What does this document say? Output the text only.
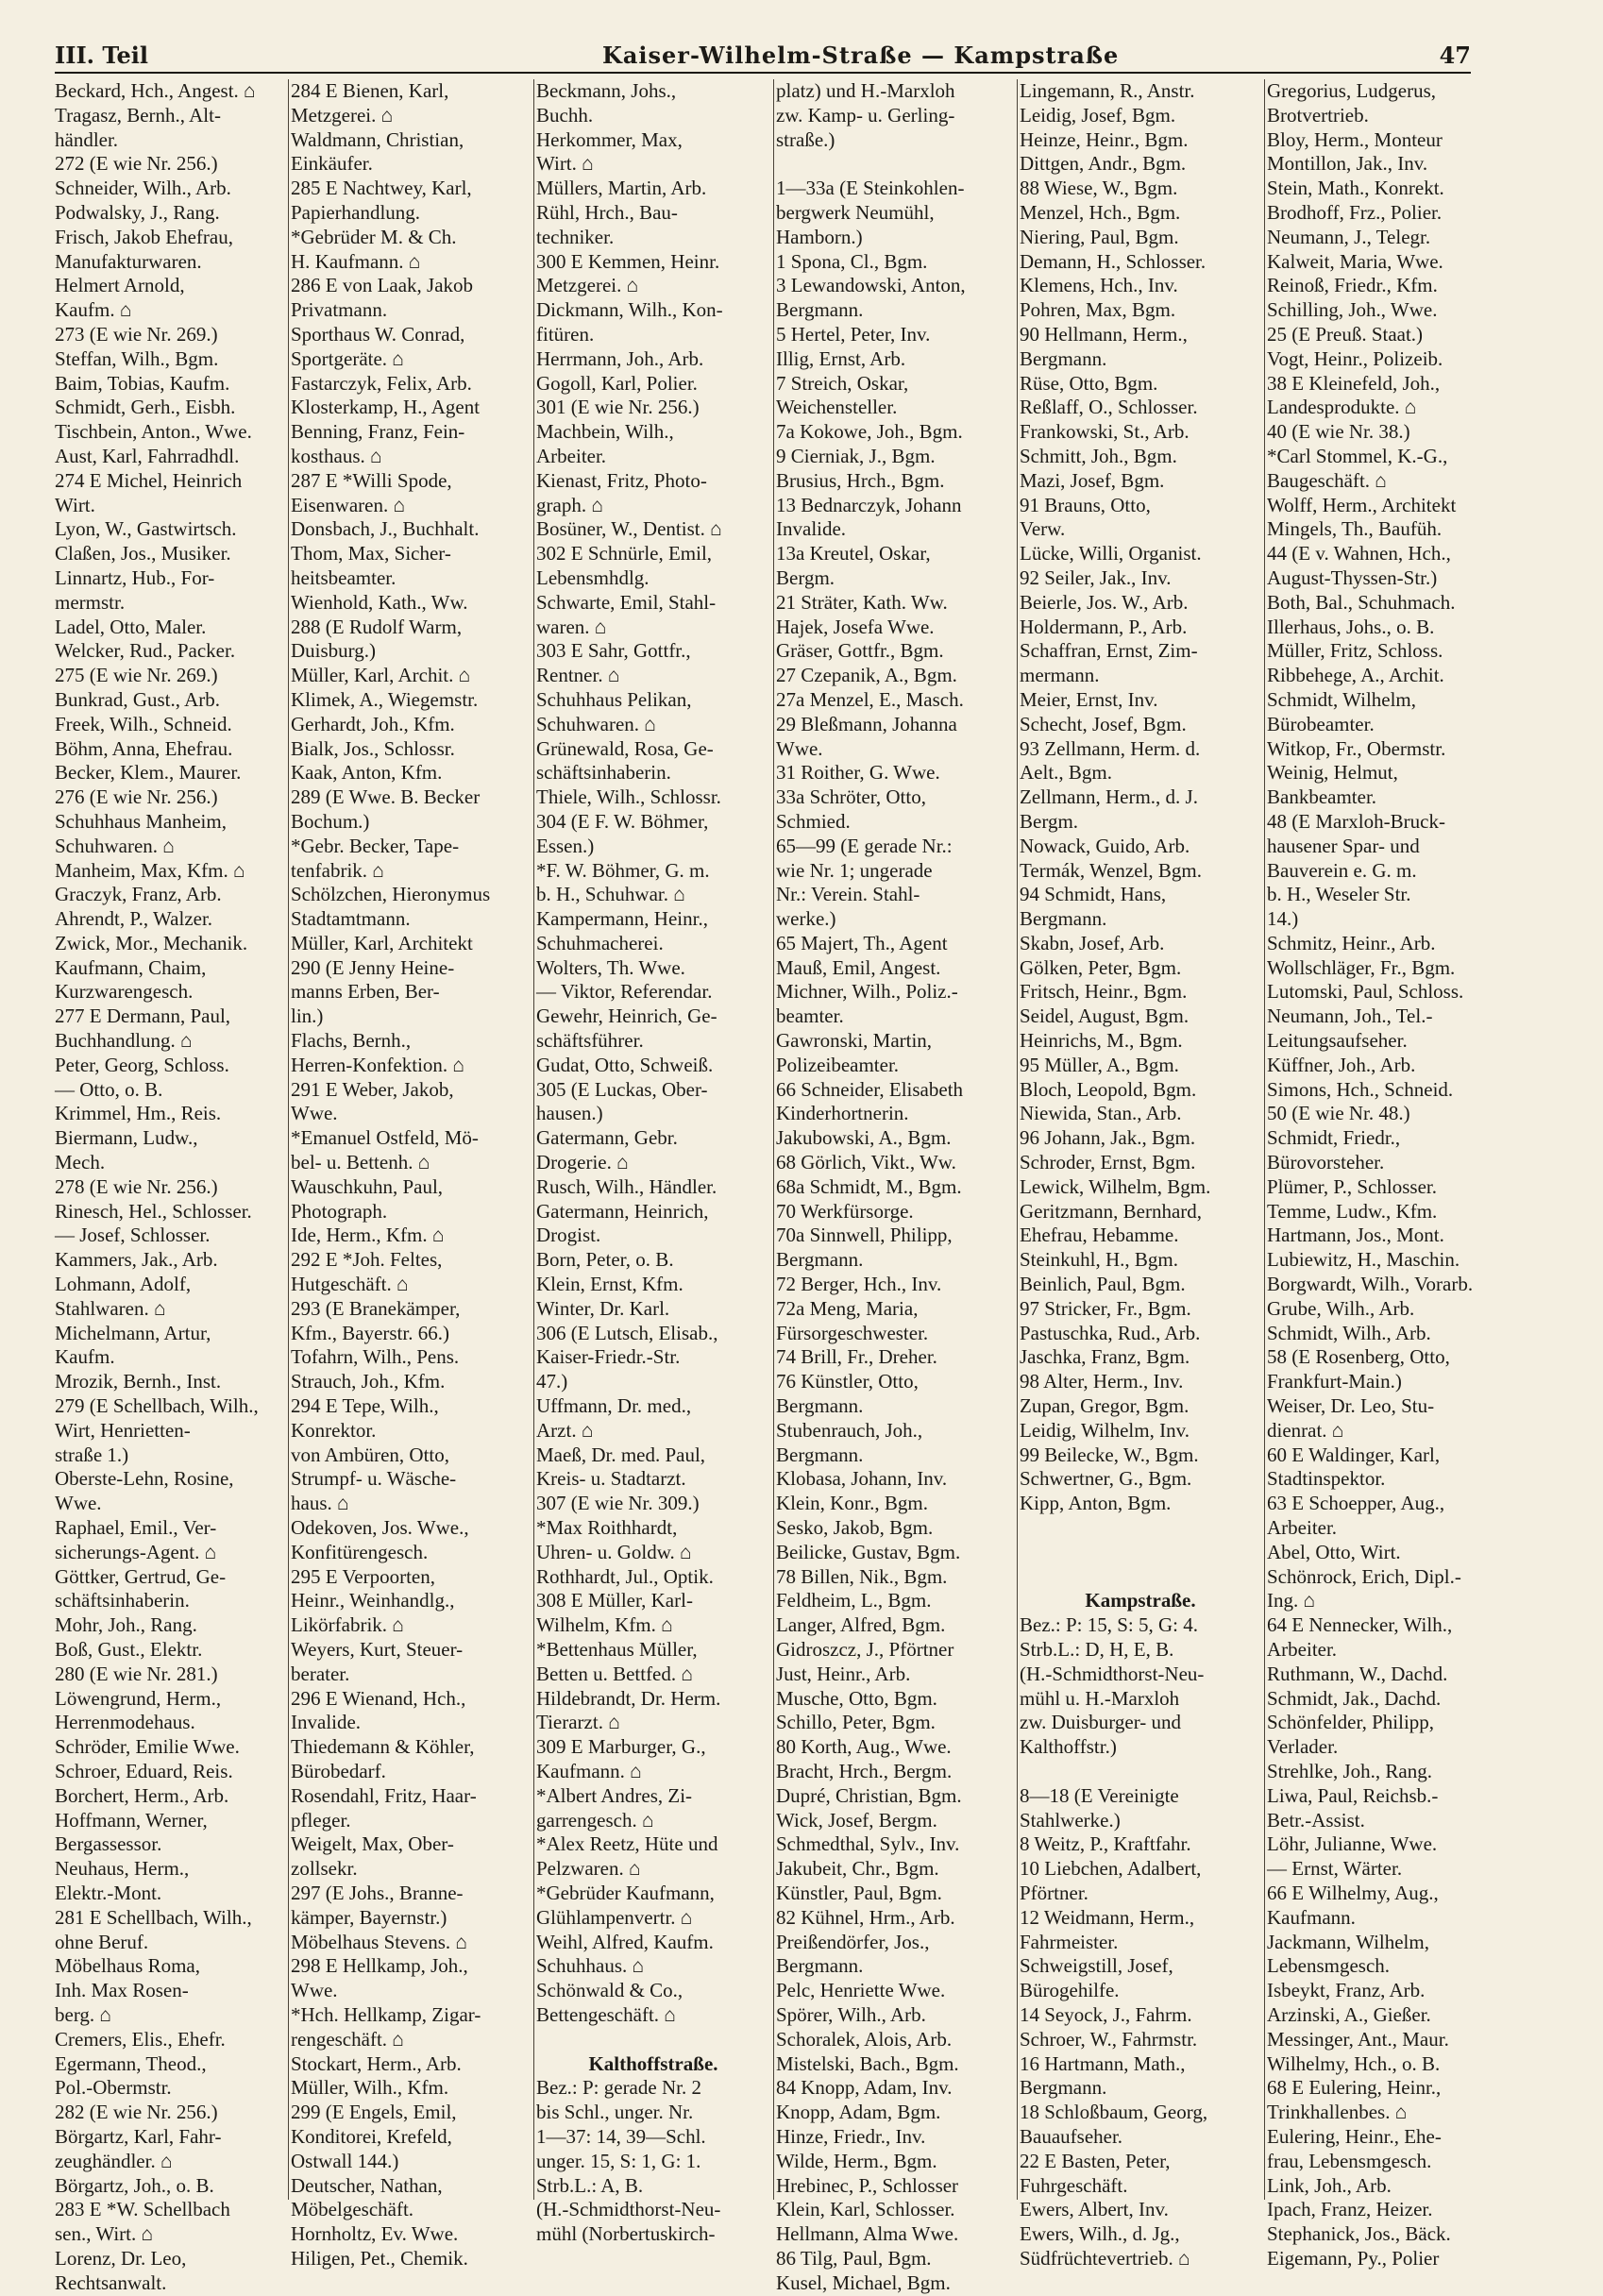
III. Teil	Kaiser-Wilhelm-Straße — Kampstraße	47
Beckard, Hch., Angest. ⌂
Tragasz, Bernh., Alt-
händler.
272 (E wie Nr. 256.)
Schneider, Wilh., Arb.
Podwalsky, J., Rang.
Frisch, Jakob Ehefrau,
Manufakturwaren.
Helmert Arnold,
Kaufm. ⌂
273 (E wie Nr. 269.)
Steffan, Wilh., Bgm.
Baim, Tobias, Kaufm.
Schmidt, Gerh., Eisbh.
Tischbein, Anton., Wwe.
Aust, Karl, Fahrradhdl.
274 E Michel, Heinrich
Wirt.
Lyon, W., Gastwirtsch.
Claßen, Jos., Musiker.
Linnartz, Hub., For-
mermstr.
Ladel, Otto, Maler.
Welcker, Rud., Packer.
275 (E wie Nr. 269.)
Bunkrad, Gust., Arb.
Freek, Wilh., Schneid.
Böhm, Anna, Ehefrau.
Becker, Klem., Maurer.
276 (E wie Nr. 256.)
Schuhhaus Manheim,
Schuhwaren. ⌂
Manheim, Max, Kfm. ⌂
Graczyk, Franz, Arb.
Ahrendt, P., Walzer.
Zwick, Mor., Mechanik.
Kaufmann, Chaim,
Kurzwarengesch.
277 E Dermann, Paul,
Buchhandlung. ⌂
Peter, Georg, Schloss.
— Otto, o. B.
Krimmel, Hm., Reis.
Biermann, Ludw.,
Mech.
278 (E wie Nr. 256.)
Rinesch, Hel., Schlosser.
— Josef, Schlosser.
Kammers, Jak., Arb.
Lohmann, Adolf,
Stahlwaren. ⌂
Michelmann, Artur,
Kaufm.
Mrozik, Bernh., Inst.
279 (E Schellbach, Wilh.,
Wirt, Henrietten-
straße 1.)
Oberste-Lehn, Rosine,
Wwe.
Raphael, Emil., Ver-
sicherungs-Agent. ⌂
Göttker, Gertrud, Ge-
schäftsinhaberin.
Mohr, Joh., Rang.
Boß, Gust., Elektr.
280 (E wie Nr. 281.)
Löwengrund, Herm.,
Herrenmodehaus.
Schröder, Emilie Wwe.
Schroer, Eduard, Reis.
Borchert, Herm., Arb.
Hoffmann, Werner,
Bergassessor.
Neuhaus, Herm.,
Elektr.-Mont.
281 E Schellbach, Wilh.,
ohne Beruf.
Möbelhaus Roma,
Inh. Max Rosen-
berg. ⌂
Cremers, Elis., Ehefr.
Egermann, Theod.,
Pol.-Obermstr.
282 (E wie Nr. 256.)
Börgartz, Karl, Fahr-
zeughändler. ⌂
Börgartz, Joh., o. B.
283 E *W. Schellbach
sen., Wirt. ⌂
Lorenz, Dr. Leo,
Rechtsanwalt.
284 E Bienen, Karl,
Metzgerei. ⌂
Waldmann, Christian,
Einkäufer.
285 E Nachtwey, Karl,
Papierhandlung.
*Gebrüder M. & Ch.
H. Kaufmann. ⌂
286 E von Laak, Jakob
Privatmann.
Sporthaus W. Conrad,
Sportgeräte. ⌂
Fastarczyk, Felix, Arb.
Klosterkamp, H., Agent
Benning, Franz, Fein-
kosthaus. ⌂
287 E *Willi Spode,
Eisenwaren. ⌂
Donsbach, J., Buchhalt.
Thom, Max, Sicher-
heitsbeamter.
Wienhold, Kath., Ww.
288 (E Rudolf Warm,
Duisburg.)
Müller, Karl, Archit. ⌂
Klimek, A., Wiegemstr.
Gerhardt, Joh., Kfm.
Bialk, Jos., Schlossr.
Kaak, Anton, Kfm.
289 (E Wwe. B. Becker
Bochum.)
*Gebr. Becker, Tape-
tenfabrik. ⌂
Schölzchen, Hieronymus
Stadtamtmann.
Müller, Karl, Architekt
290 (E Jenny Heine-
manns Erben, Ber-
lin.)
Flachs, Bernh.,
Herren-Konfektion. ⌂
291 E Weber, Jakob,
Wwe.
*Emanuel Ostfeld, Mö-
bel- u. Bettenh. ⌂
Wauschkuhn, Paul,
Photograph.
Ide, Herm., Kfm. ⌂
292 E *Joh. Feltes,
Hutgeschäft. ⌂
293 (E Branekämper,
Kfm., Bayerstr. 66.)
Tofahrn, Wilh., Pens.
Strauch, Joh., Kfm.
294 E Tepe, Wilh.,
Konrektor.
von Ambüren, Otto,
Strumpf- u. Wäsche-
haus. ⌂
Odekoven, Jos. Wwe.,
Konfitürengesch.
295 E Verpoorten,
Heinr., Weinhandlg.,
Likörfabrik. ⌂
Weyers, Kurt, Steuer-
berater.
296 E Wienand, Hch.,
Invalide.
Thiedemann & Köhler,
Bürobedarf.
Rosendahl, Fritz, Haar-
pfleger.
Weigelt, Max, Ober-
zollsekr.
297 (E Johs., Branne-
kämper, Bayernstr.)
Möbelhaus Stevens. ⌂
298 E Hellkamp, Joh.,
Wwe.
*Hch. Hellkamp, Zigar-
rengeschäft. ⌂
Stockart, Herm., Arb.
Müller, Wilh., Kfm.
299 (E Engels, Emil,
Konditorei, Krefeld,
Ostwall 144.)
Deutscher, Nathan,
Möbelgeschäft.
Hornholtz, Ev. Wwe.
Hiligen, Pet., Chemik.
Beckmann, Johs.,
Buchh.
Herkommer, Max,
Wirt. ⌂
Müllers, Martin, Arb.
Rühl, Hrch., Bau-
techniker.
300 E Kemmen, Heinr.
Metzgerei. ⌂
Dickmann, Wilh., Kon-
fitüren.
Herrmann, Joh., Arb.
Gogoll, Karl, Polier.
301 (E wie Nr. 256.)
Machbein, Wilh.,
Arbeiter.
Kienast, Fritz, Photo-
graph. ⌂
Bosüner, W., Dentist. ⌂
302 E Schnürle, Emil,
Lebensmhdlg.
Schwarte, Emil, Stahl-
waren. ⌂
303 E Sahr, Gottfr.,
Rentner. ⌂
Schuhhaus Pelikan,
Schuhwaren. ⌂
Grünewald, Rosa, Ge-
schäftsinhaberin.
Thiele, Wilh., Schlossr.
304 (E F. W. Böhmer,
Essen.)
*F. W. Böhmer, G. m.
b. H., Schuhwar. ⌂
Kampermann, Heinr.,
Schuhmacherei.
Wolters, Th. Wwe.
— Viktor, Referendar.
Gewehr, Heinrich, Ge-
schäftsführer.
Gudat, Otto, Schweiß.
305 (E Luckas, Ober-
hausen.)
Gatermann, Gebr.
Drogerie. ⌂
Rusch, Wilh., Händler.
Gatermann, Heinrich,
Drogist.
Born, Peter, o. B.
Klein, Ernst, Kfm.
Winter, Dr. Karl.
306 (E Lutsch, Elisab.,
Kaiser-Friedr.-Str.
47.)
Uffmann, Dr. med.,
Arzt. ⌂
Maeß, Dr. med. Paul,
Kreis- u. Stadtarzt.
307 (E wie Nr. 309.)
*Max Roithhardt,
Uhren- u. Goldw. ⌂
Rothhardt, Jul., Optik.
308 E Müller, Karl-
Wilhelm, Kfm. ⌂
*Bettenhaus Müller,
Betten u. Bettfed. ⌂
Hildebrandt, Dr. Herm.
Tierarzt. ⌂
309 E Marburger, G.,
Kaufmann. ⌂
*Albert Andres, Zi-
garrengesch. ⌂
*Alex Reetz, Hüte und
Pelzwaren. ⌂
*Gebrüder Kaufmann,
Glühlampenvertr. ⌂
Weihl, Alfred, Kaufm.
Schuhhaus. ⌂
Schönwald & Co.,
Bettengeschäft. ⌂
Kalthoffstraße.
Bez.: P: gerade Nr. 2
bis Schl., unger. Nr.
1—37: 14, 39—Schl.
unger. 15, S: 1, G: 1.
Strb.L.: A, B.
(H.-Schmidthorst-Neu-
mühl (Norbertuskirch-
platz) und H.-Marxloh
zw. Kamp- u. Gerling-
straße.)
1—33a (E Steinkohlen-
bergwerk Neumühl,
Hamborn.)
1 Spona, Cl., Bgm.
3 Lewandowski, Anton,
Bergmann.
5 Hertel, Peter, Inv.
Illig, Ernst, Arb.
7 Streich, Oskar,
Weichensteller.
7a Kokowe, Joh., Bgm.
9 Cierniak, J., Bgm.
Brusius, Hrch., Bgm.
13 Bednarczyk, Johann
Invalide.
13a Kreutel, Oskar,
Bergm.
21 Sträter, Kath. Ww.
Hajek, Josefa Wwe.
Gräser, Gottfr., Bgm.
27 Czepanik, A., Bgm.
27a Menzel, E., Masch.
29 Bleßmann, Johanna
Wwe.
31 Roither, G. Wwe.
33a Schröter, Otto,
Schmied.
65—99 (E gerade Nr.:
wie Nr. 1; ungerade
Nr.: Verein. Stahl-
werke.)
65 Majert, Th., Agent
Mauß, Emil, Angest.
Michner, Wilh., Poliz.-
beamter.
Gawronski, Martin,
Polizeibeamter.
66 Schneider, Elisabeth
Kinderhortnerin.
Jakubowski, A., Bgm.
68 Görlich, Vikt., Ww.
68a Schmidt, M., Bgm.
70 Werkfürsorge.
70a Sinnwell, Philipp,
Bergmann.
72 Berger, Hch., Inv.
72a Meng, Maria,
Fürsorgeschwester.
74 Brill, Fr., Dreher.
76 Künstler, Otto,
Bergmann.
Stubenrauch, Joh.,
Bergmann.
Klobasa, Johann, Inv.
Klein, Konr., Bgm.
Sesko, Jakob, Bgm.
Beilicke, Gustav, Bgm.
78 Billen, Nik., Bgm.
Feldheim, L., Bgm.
Langer, Alfred, Bgm.
Gidroszcz, J., Pförtner
Just, Heinr., Arb.
Musche, Otto, Bgm.
Schillo, Peter, Bgm.
80 Korth, Aug., Wwe.
Bracht, Hrch., Bergm.
Dupré, Christian, Bgm.
Wick, Josef, Bergm.
Schmedthal, Sylv., Inv.
Jakubeit, Chr., Bgm.
Künstler, Paul, Bgm.
82 Kühnel, Hrm., Arb.
Preißendörfer, Jos.,
Bergmann.
Pelc, Henriette Wwe.
Spörer, Wilh., Arb.
Schoralek, Alois, Arb.
Mistelski, Bach., Bgm.
84 Knopp, Adam, Inv.
Knopp, Adam, Bgm.
Hinze, Friedr., Inv.
Wilde, Herm., Bgm.
Hrebinec, P., Schlosser
Klein, Karl, Schlosser.
Hellmann, Alma Wwe.
86 Tilg, Paul, Bgm.
Kusel, Michael, Bgm.
Lingemann, R., Anstr.
Leidig, Josef, Bgm.
Heinze, Heinr., Bgm.
Dittgen, Andr., Bgm.
88 Wiese, W., Bgm.
Menzel, Hch., Bgm.
Niering, Paul, Bgm.
Demann, H., Schlosser.
Klemens, Hch., Inv.
Pohren, Max, Bgm.
90 Hellmann, Herm.,
Bergmann.
Rüse, Otto, Bgm.
Reßlaff, O., Schlosser.
Frankowski, St., Arb.
Schmitt, Joh., Bgm.
Mazi, Josef, Bgm.
91 Brauns, Otto,
Verw.
Lücke, Willi, Organist.
92 Seiler, Jak., Inv.
Beierle, Jos. W., Arb.
Holdermann, P., Arb.
Schaffran, Ernst, Zim-
mermann.
Meier, Ernst, Inv.
Schecht, Josef, Bgm.
93 Zellmann, Herm. d.
Aelt., Bgm.
Zellmann, Herm., d. J.
Bergm.
Nowack, Guido, Arb.
Termák, Wenzel, Bgm.
94 Schmidt, Hans,
Bergmann.
Skabn, Josef, Arb.
Gölken, Peter, Bgm.
Fritsch, Heinr., Bgm.
Seidel, August, Bgm.
Heinrichs, M., Bgm.
95 Müller, A., Bgm.
Bloch, Leopold, Bgm.
Niewida, Stan., Arb.
96 Johann, Jak., Bgm.
Schroder, Ernst, Bgm.
Lewick, Wilhelm, Bgm.
Geritzmann, Bernhard,
Ehefrau, Hebamme.
Steinkuhl, H., Bgm.
Beinlich, Paul, Bgm.
97 Stricker, Fr., Bgm.
Pastuschka, Rud., Arb.
Jaschka, Franz, Bgm.
98 Alter, Herm., Inv.
Zupan, Gregor, Bgm.
Leidig, Wilhelm, Inv.
99 Beilecke, W., Bgm.
Schwertner, G., Bgm.
Kipp, Anton, Bgm.
Kampstraße.
Bez.: P: 15, S: 5, G: 4.
Strb.L.: D, H, E, B.
(H.-Schmidthorst-Neu-
mühl u. H.-Marxloh
zw. Duisburger- und
Kalthoffstr.)
8—18 (E Vereinigte
Stahlwerke.)
8 Weitz, P., Kraftfahr.
10 Liebchen, Adalbert,
Pförtner.
12 Weidmann, Herm.,
Fahrmeister.
Schweigstill, Josef,
Bürogehilfe.
14 Seyock, J., Fahrm.
Schroer, W., Fahrmstr.
16 Hartmann, Math.,
Bergmann.
18 Schloßbaum, Georg,
Bauaufseher.
22 E Basten, Peter,
Fuhrgeschäft.
Ewers, Albert, Inv.
Ewers, Wilh., d. Jg.,
Südfrüchtevertrieb. ⌂
Gregorius, Ludgerus,
Brotvertrieb.
Bloy, Herm., Monteur
Montillon, Jak., Inv.
Stein, Math., Konrekt.
Brodhoff, Frz., Polier.
Neumann, J., Telegr.
Kalweit, Maria, Wwe.
Reinoß, Friedr., Kfm.
Schilling, Joh., Wwe.
25 (E Preuß. Staat.)
Vogt, Heinr., Polizeib.
38 E Kleinefeld, Joh.,
Landesprodukte. ⌂
40 (E wie Nr. 38.)
*Carl Stommel, K.-G.,
Baugeschäft. ⌂
Wolff, Herm., Architekt
Mingels, Th., Baufüh.
44 (E v. Wahnen, Hch.,
August-Thyssen-Str.)
Both, Bal., Schuhmach.
Illerhaus, Johs., o. B.
Müller, Fritz, Schloss.
Ribbehege, A., Archit.
Schmidt, Wilhelm,
Bürobeamter.
Witkop, Fr., Obermstr.
Weinig, Helmut,
Bankbeamter.
48 (E Marxloh-Bruck-
hausener Spar- und
Bauverein e. G. m.
b. H., Weseler Str.
14.)
Schmitz, Heinr., Arb.
Wollschläger, Fr., Bgm.
Lutomski, Paul, Schloss.
Neumann, Joh., Tel.-
Leitungsaufseher.
Küffner, Joh., Arb.
Simons, Hch., Schneid.
50 (E wie Nr. 48.)
Schmidt, Friedr.,
Bürovorsteher.
Plümer, P., Schlosser.
Temme, Ludw., Kfm.
Hartmann, Jos., Mont.
Lubiewitz, H., Maschin.
Borgwardt, Wilh., Vorarb.
Grube, Wilh., Arb.
Schmidt, Wilh., Arb.
58 (E Rosenberg, Otto,
Frankfurt-Main.)
Weiser, Dr. Leo, Stu-
dienrat. ⌂
60 E Waldinger, Karl,
Stadtinspektor.
63 E Schoepper, Aug.,
Arbeiter.
Abel, Otto, Wirt.
Schönrock, Erich, Dipl.-
Ing. ⌂
64 E Nennecker, Wilh.,
Arbeiter.
Ruthmann, W., Dachd.
Schmidt, Jak., Dachd.
Schönfelder, Philipp,
Verlader.
Strehlke, Joh., Rang.
Liwa, Paul, Reichsb.-
Betr.-Assist.
Löhr, Julianne, Wwe.
— Ernst, Wärter.
66 E Wilhelmy, Aug.,
Kaufmann.
Jackmann, Wilhelm,
Lebensmgesch.
Isbeykt, Franz, Arb.
Arzinski, A., Gießer.
Messinger, Ant., Maur.
Wilhelmy, Hch., o. B.
68 E Eulering, Heinr.,
Trinkhallenbes. ⌂
Eulering, Heinr., Ehe-
frau, Lebensmgesch.
Link, Joh., Arb.
Ipach, Franz, Heizer.
Stephanick, Jos., Bäck.
Eigemann, Py., Polier
